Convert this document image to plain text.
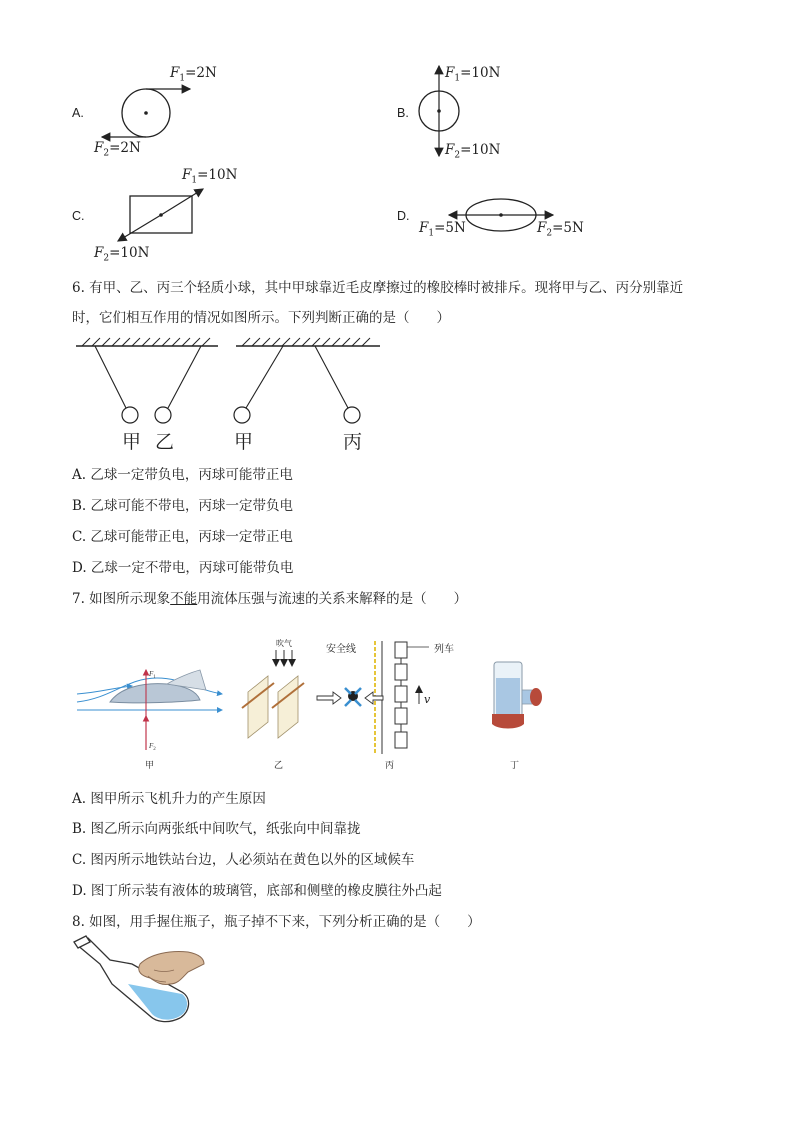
A.
$F_1=2N$
$F_2=2N$
B.
$F_1=10N$
$F_2=10N$
C.
$F_1=10N$
$F_2=10N$
D.
$F_1=5N$	$F_2=5N$
6. 有甲、乙、丙三个轻质小球，其中甲球靠近毛皮摩擦过的橡胶棒时被排斥。现将甲与乙、丙分别靠近
时，它们相互作用的情况如图所示。下列判断正确的是（　　）
甲 乙	甲	丙
A. 乙球一定带负电，丙球可能带正电
B. 乙球可能不带电，丙球一定带负电
C. 乙球可能带正电，丙球一定带正电
D. 乙球一定不带电，丙球可能带负电
7. 如图所示现象不能用流体压强与流速的关系来解释的是（　　）
$F_1$
$F_2$
甲
吹气
乙
安全线	列车
v
丙	丁
A. 图甲所示飞机升力的产生原因
B. 图乙所示向两张纸中间吹气，纸张向中间靠拢
C. 图丙所示地铁站台边，人必须站在黄色以外的区域候车
D. 图丁所示装有液体的玻璃管，底部和侧壁的橡皮膜往外凸起
8. 如图，用手握住瓶子，瓶子掉不下来，下列分析正确的是（　　）
